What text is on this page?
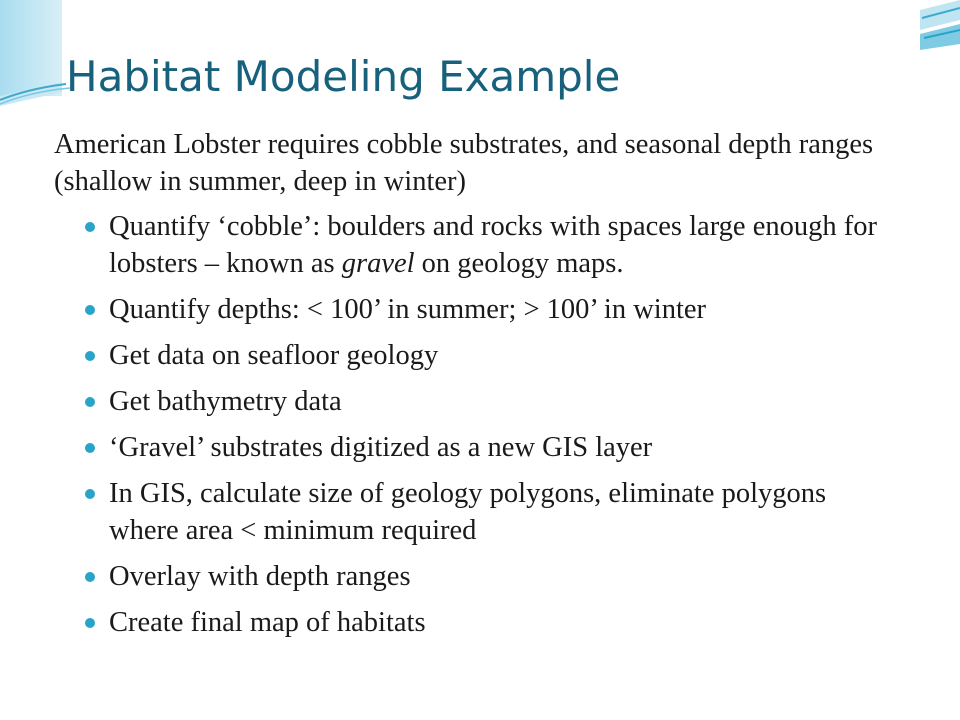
Habitat Modeling Example

American Lobster requires cobble substrates, and seasonal depth ranges (shallow in summer, deep in winter)

Quantify ‘cobble’: boulders and rocks with spaces large enough for lobsters – known as gravel on geology maps.
Quantify depths: < 100’ in summer; > 100’ in winter
Get data on seafloor geology
Get bathymetry data
‘Gravel’ substrates digitized as a new GIS layer
In GIS, calculate size of geology polygons, eliminate polygons where area < minimum required
Overlay with depth ranges
Create final map of habitats
